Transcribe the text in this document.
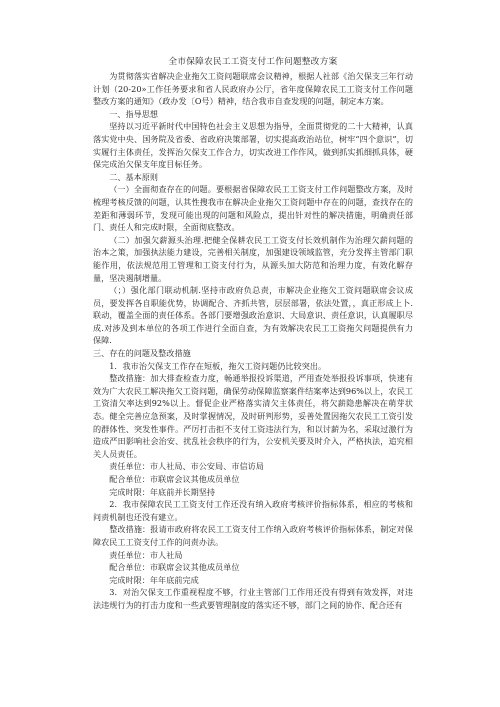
全市保障农民工工资支付工作问题整改方案

为贯彻落实省解决企业拖欠工资问题联席会议精神，根据人社部《治欠保支三年行动计划（20-20»工作任务要求和省人民政府办公厅，省年度保障农民工工资支付工作问题整改方案的通知》（政办发〔O号）精神，结合我市自查发现的问题，制定本方案。

一、指导思想

坚持以习近平新时代中国特色社会主义思想为指导，全面贯彻党的二十大精神，认真落实党中央、国务院及省委、省政府决策部署，切实提高政治站位，树牢“四个意识”，切实履行主体责任，发挥治欠保支工作合力，切实改进工作作风，做到抓实抓细抓具体，硬保完成治欠保支年度目标任务。

二、基本原则

（一）全面彻查存在的问题。要根据省保障农民工工资支付工作问题整改方案，及时梳理考核反馈的问题，认其性搜我市在解决企业拖欠工资问题中存在的问题，查找存在的差距和薄弱环节，发现可能出现的问题和风险点，提出针对性的解决措施，明确责任部门、责任人和完成时限，全面彻底整改。

（二）加强欠薪源头治理.把健全保耕农民工工资支付长效机制作为治理欠薪问题的治本之策，加强执法能力建设，完善相关制度，加强建设领域监管，充分发挥主管部门职能作用，依法规范用工管理和工资支付行为，从源头加大防范和治理力度，有效化解存量，坚决遏制增量。

（；）强化部门联动机制.坚持市政府负总责，市解决企业拖欠工资问题联席会议成员，要发挥各自职能优势，协调配合、齐抓共管，层层部署，依法处置，，真正形成上卜.联动，覆盖全面的责任体系。各部门要增强政治意识、大局意识、责任意识，认真履职尽成.对涉及到本单位的各项工作进行全面自查，为有效解决农民工工资拖欠问题提供有力保障.

三、存在的问题及整改措施

1．我市治欠保支工作存在短板，拖欠工资问题仍比较突出。

整改措施：加大排查检查力度，畅通举报投诉渠道，严用查处举报投诉事项，快速有效为广大农民工解决拖欠工资问题，确保劳动保障监察案件结案率达到96%以上，农民工工资清欠率达到92%以上。督促企业严格落实清欠主体责任，将欠薪隐患解决在萌芽状态。健全完善应急预案，及时掌握情况，及时研判形势，妥善处置因拖欠农民工工资引发的群体性、突发性事件。严厉打击拒不支付工资违法行为，和以讨薪为名，采取过激行为造成严田影响社会治安、扰乱社会秩序的行为，公安机关要及时介入，严格执法，追究相关人员责任。

责任单位：市人社局、市公安局、市信访局

配合单位：市联席会议其他成员单位

完成时限：年底前并长期坚持

2．我市保障农民工工资支付工作还没有纳入政府考核评价指标体系，相应的考核和问责机制也还没有建立。

整改措施：报请市政府将农民工工资支付工作纳入政府考核评价指标体系，制定对保障农民工工资支付工作的问责办法。

责任单位：市人社局

配合单位：市联席会议其他成员单位

完成时限：年年底前完成

3．对治欠保支工作重视程度不够，行业主管部门工作用还没有得到有效发挥，对违法违规行为的打击力度和一些武要管理制度的落实还不够，部门之间的协作、配合还有
